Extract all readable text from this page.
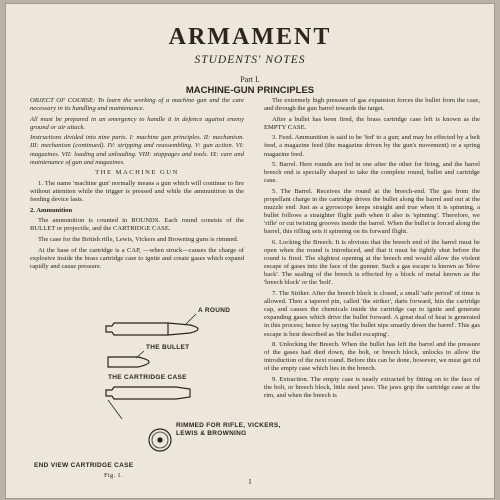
ARMAMENT
STUDENTS' NOTES
Part I.
MACHINE-GUN PRINCIPLES

OBJECT OF COURSE: To learn the working of a machine gun and the care necessary in its handling and maintenance.

All must be prepared in an emergency to handle it in defence against enemy ground or air attack.

Instructions divided into nine parts. I: machine gun principles. II: mechanism. III: mechanism (continued). IV: stripping and reassembling. V: gun action. VI: magazines. VII: loading and unloading. VIII: stoppages and tools. IX: care and maintenance of gun and magazines.

THE MACHINE GUN

1. The name 'machine gun' normally means a gun which will continue to fire without attention while the trigger is pressed and while the ammunition in the feeding device lasts.

2. Ammunition

The ammunition is counted in ROUNDS. Each round consists of the BULLET or projectile, and the CARTRIDGE CASE.

The case for the British rifle, Lewis, Vickers and Browning guns is rimmed.

At the base of the cartridge is a CAP, —when struck—causes the charge of explosive inside the brass cartridge case to ignite and create gases which expand rapidly and cause pressure.

The extremely high pressure of gas expansion forces the bullet from the case, and through the gun barrel towards the target.

After a bullet has been fired, the brass cartridge case left is known as the EMPTY CASE.

3. Feed. Ammunition is said to be 'fed' to a gun; and may be effected by a belt feed, a magazine feed (the magazine driven by the gun's movement) or a spring magazine feed.

5. Barrel. Here rounds are fed in one after the other for firing, and the barrel breech end is specially shaped to take the complete round, bullet and cartridge case.

5. The Barrel. Receives the round at the breech-end. The gas from the propellant charge in the cartridge drives the bullet along the barrel and out at the muzzle end. Just as a gyroscope keeps straight and true when it is spinning, a bullet follows a straighter flight path when it also is 'spinning'. Therefore, we 'rifle' or cut twisting grooves inside the barrel. When the bullet is forced along the barrel, this rifling sets it spinning on its forward flight.

6. Locking the Breech. It is obvious that the breech end of the barrel must be open when the round is introduced, and that it must be tightly shut before the round is fired. The slightest opening at the breech end would allow the violent escape of gases into the face of the gunner. Such a gas escape is known as 'blow back'. The sealing of the breech is effected by a block of metal known as the 'breech block' or the 'bolt'.

7. The Striker. After the breech block is closed, a small 'safe period' of time is allowed. Then a tapered pin, called 'the striker', darts forward, hits the cartridge cap, and causes the chemicals inside the cartridge cap to ignite and generate expanding gases which drive the bullet forward. A great deal of heat is generated in this process; hence by saying 'the bullet nips smartly down the barrel'. This gas escape is best described as 'the bullet escaping'.

8. Unlocking the Breech. When the bullet has left the barrel and the pressure of the gases had died down, the bolt, or breech block, unlocks to allow the introduction of the next round. Before this can be done, however, we must get rid of the empty case which lies in the breech.

9. Extraction. The empty case is neatly extracted by fitting on to the face of the bolt, or breech block, little steel jaws. The jaws grip the cartridge case at the rim, and when the breech is

A ROUND
THE BULLET
THE CARTRIDGE CASE
RIMMED FOR RIFLE, VICKERS, LEWIS & BROWNING
END VIEW CARTRIDGE CASE
Fig. 1.
I
